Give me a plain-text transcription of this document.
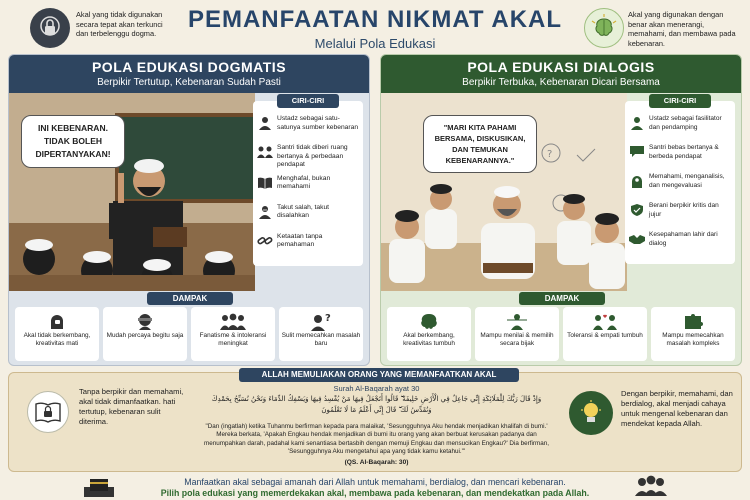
Akal yang tidak digunakan secara tepat akan terkunci dan terbelenggu dogma.
PEMANFAATAN NIKMAT AKAL
Melalui Pola Edukasi
Akal yang digunakan dengan benar akan menerangi, memahami, dan membawa pada kebenaran.
POLA EDUKASI DOGMATIS
Berpikir Tertutup, Kebenaran Sudah Pasti
INI KEBENARAN. TIDAK BOLEH DIPERTANYAKAN!
CIRI-CIRI
Ustadz sebagai satu-satunya sumber kebenaran
Santri tidak diberi ruang bertanya & perbedaan pendapat
Menghafal, bukan memahami
Takut salah, takut disalahkan
Ketaatan tanpa pemahaman
DAMPAK
Akal tidak berkembang, kreativitas mati
Mudah percaya begitu saja	Fanatisme & intoleransi meningkat
?
Sulit memecahkan masalah baru
POLA EDUKASI DIALOGIS
Berpikir Terbuka, Kebenaran Dicari Bersama
?
"MARI KITA PAHAMI BERSAMA, DISKUSIKAN, DAN TEMUKAN KEBENARANNYA."
CIRI-CIRI
Ustadz sebagai fasilitator dan pendamping
Santri bebas bertanya & berbeda pendapat
Memahami, menganalisis, dan mengevaluasi
Berani berpikir kritis dan jujur
Kesepahaman lahir dari dialog
DAMPAK
Akal berkembang, kreativitas tumbuh
Mampu menilai & memilih secara bijak
Toleransi & empati tumbuh	Mampu memecahkan masalah kompleks
Tanpa berpikir dan memahami, akal tidak dimanfaatkan. hati tertutup, kebenaran sulit diterima.
ALLAH MEMULIAKAN ORANG YANG MEMANFAATKAN AKAL
Surah Al-Baqarah ayat 30
وَإِذْ قَالَ رَبُّكَ لِلْمَلَائِكَةِ إِنِّي جَاعِلٌ فِي الْأَرْضِ خَلِيفَةً ۖ قَالُوا أَتَجْعَلُ فِيهَا مَنْ يُفْسِدُ فِيهَا وَيَسْفِكُ الدِّمَاءَ وَنَحْنُ نُسَبِّحُ بِحَمْدِكَ وَنُقَدِّسُ لَكَ ۖ قَالَ إِنِّي أَعْلَمُ مَا لَا تَعْلَمُونَ
"Dan (ingatlah) ketika Tuhanmu berfirman kepada para malaikat, 'Sesungguhnya Aku hendak menjadikan khalifah di bumi.' Mereka berkata, 'Apakah Engkau hendak menjadikan di bumi itu orang yang akan berbuat kerusakan padanya dan menumpahkan darah, padahal kami senantiasa bertasbih dengan memuji Engkau dan mensucikan Engkau?' Dia berfirman, 'Sesungguhnya Aku mengetahui apa yang tidak kamu ketahui.'"
(QS. Al-Baqarah: 30)
Dengan berpikir, memahami, dan berdialog, akal menjadi cahaya untuk mengenal kebenaran dan mendekat kepada Allah.
Manfaatkan akal sebagai amanah dari Allah untuk memahami, berdialog, dan mencari kebenaran.
Pilih pola edukasi yang memerdekakan akal, membawa pada kebenaran, dan mendekatkan pada Allah.
